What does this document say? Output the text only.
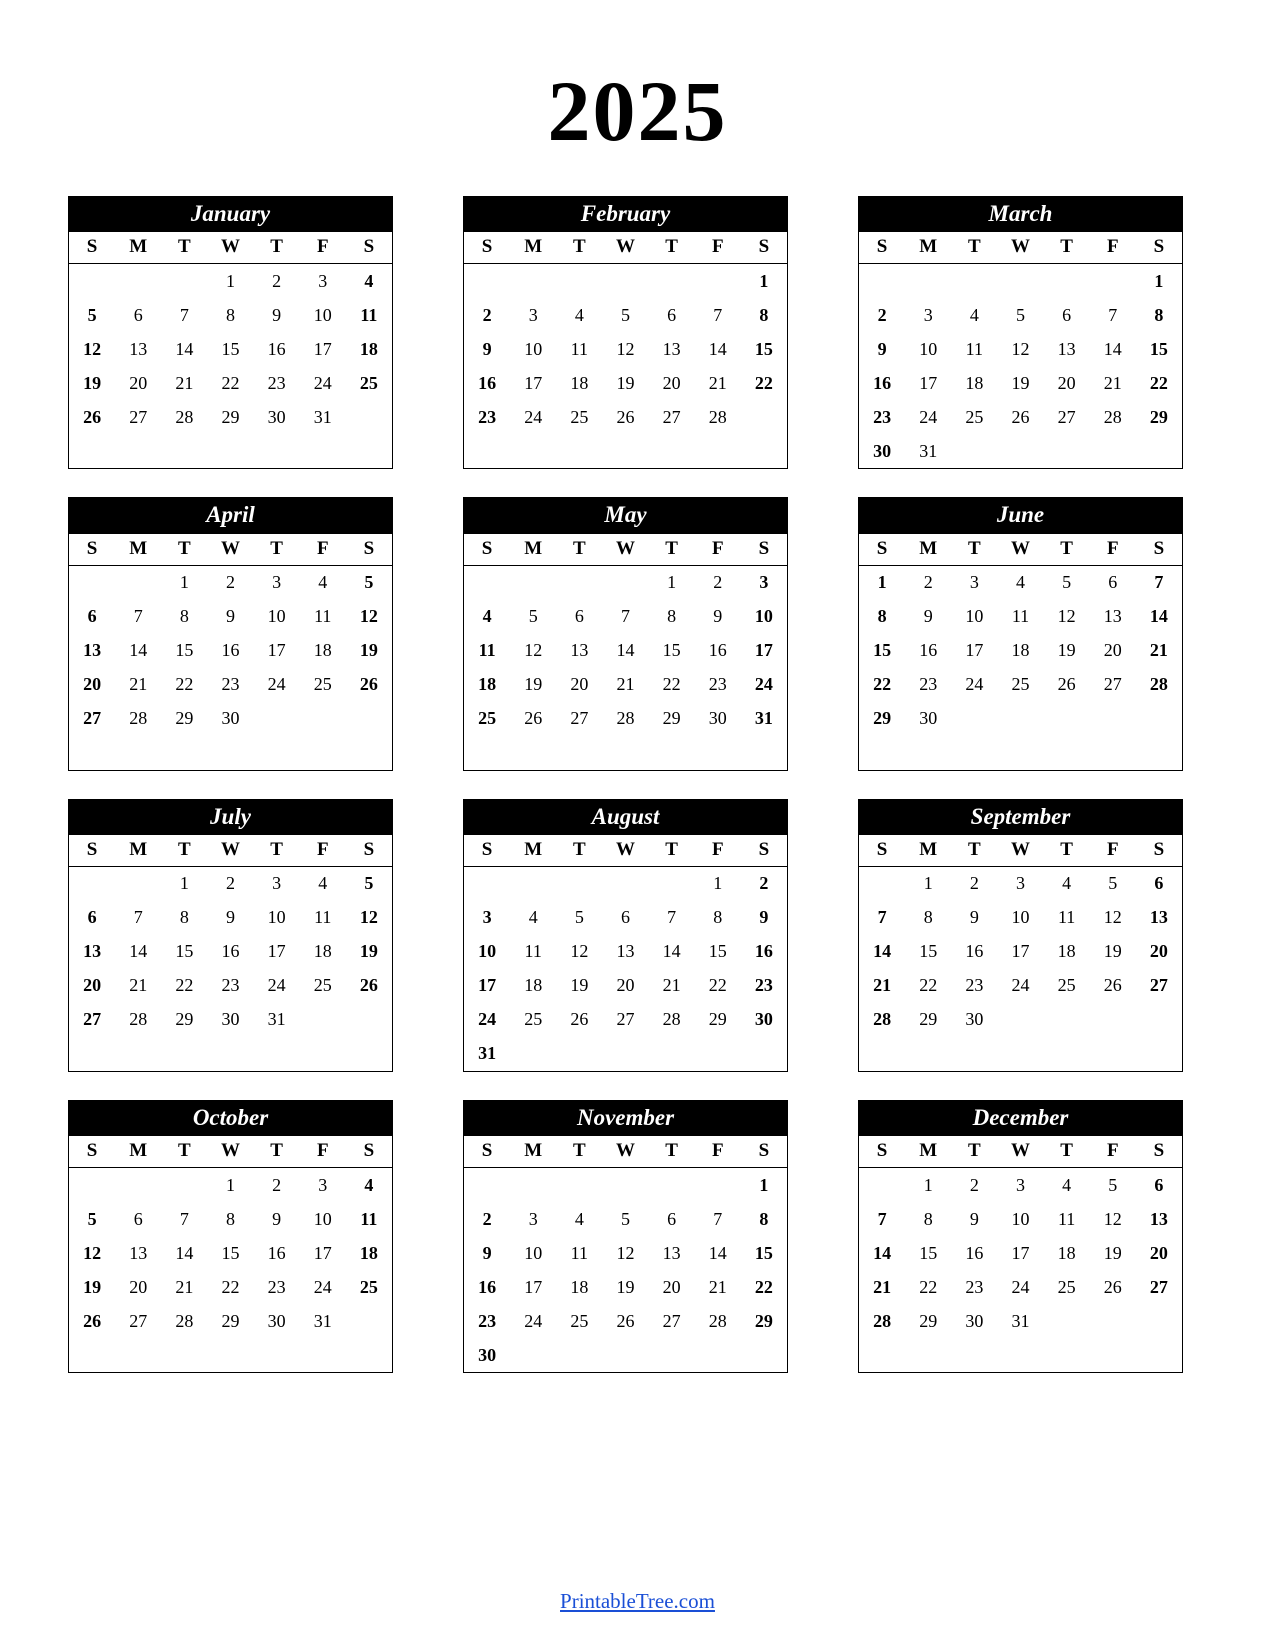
2025
January
S	M	T	W	T	F	S
			1	2	3	4
5	6	7	8	9	10	11
12	13	14	15	16	17	18
19	20	21	22	23	24	25
26	27	28	29	30	31	

February
S	M	T	W	T	F	S
						1
2	3	4	5	6	7	8
9	10	11	12	13	14	15
16	17	18	19	20	21	22
23	24	25	26	27	28	

March
S	M	T	W	T	F	S
						1
2	3	4	5	6	7	8
9	10	11	12	13	14	15
16	17	18	19	20	21	22
23	24	25	26	27	28	29
30	31					
April
S	M	T	W	T	F	S
		1	2	3	4	5
6	7	8	9	10	11	12
13	14	15	16	17	18	19
20	21	22	23	24	25	26
27	28	29	30			

May
S	M	T	W	T	F	S
				1	2	3
4	5	6	7	8	9	10
11	12	13	14	15	16	17
18	19	20	21	22	23	24
25	26	27	28	29	30	31

June
S	M	T	W	T	F	S
1	2	3	4	5	6	7
8	9	10	11	12	13	14
15	16	17	18	19	20	21
22	23	24	25	26	27	28
29	30					

July
S	M	T	W	T	F	S
		1	2	3	4	5
6	7	8	9	10	11	12
13	14	15	16	17	18	19
20	21	22	23	24	25	26
27	28	29	30	31		

August
S	M	T	W	T	F	S
					1	2
3	4	5	6	7	8	9
10	11	12	13	14	15	16
17	18	19	20	21	22	23
24	25	26	27	28	29	30
31						
September
S	M	T	W	T	F	S
	1	2	3	4	5	6
7	8	9	10	11	12	13
14	15	16	17	18	19	20
21	22	23	24	25	26	27
28	29	30				

October
S	M	T	W	T	F	S
			1	2	3	4
5	6	7	8	9	10	11
12	13	14	15	16	17	18
19	20	21	22	23	24	25
26	27	28	29	30	31	

November
S	M	T	W	T	F	S
						1
2	3	4	5	6	7	8
9	10	11	12	13	14	15
16	17	18	19	20	21	22
23	24	25	26	27	28	29
30						
December
S	M	T	W	T	F	S
	1	2	3	4	5	6
7	8	9	10	11	12	13
14	15	16	17	18	19	20
21	22	23	24	25	26	27
28	29	30	31			

PrintableTree.com
